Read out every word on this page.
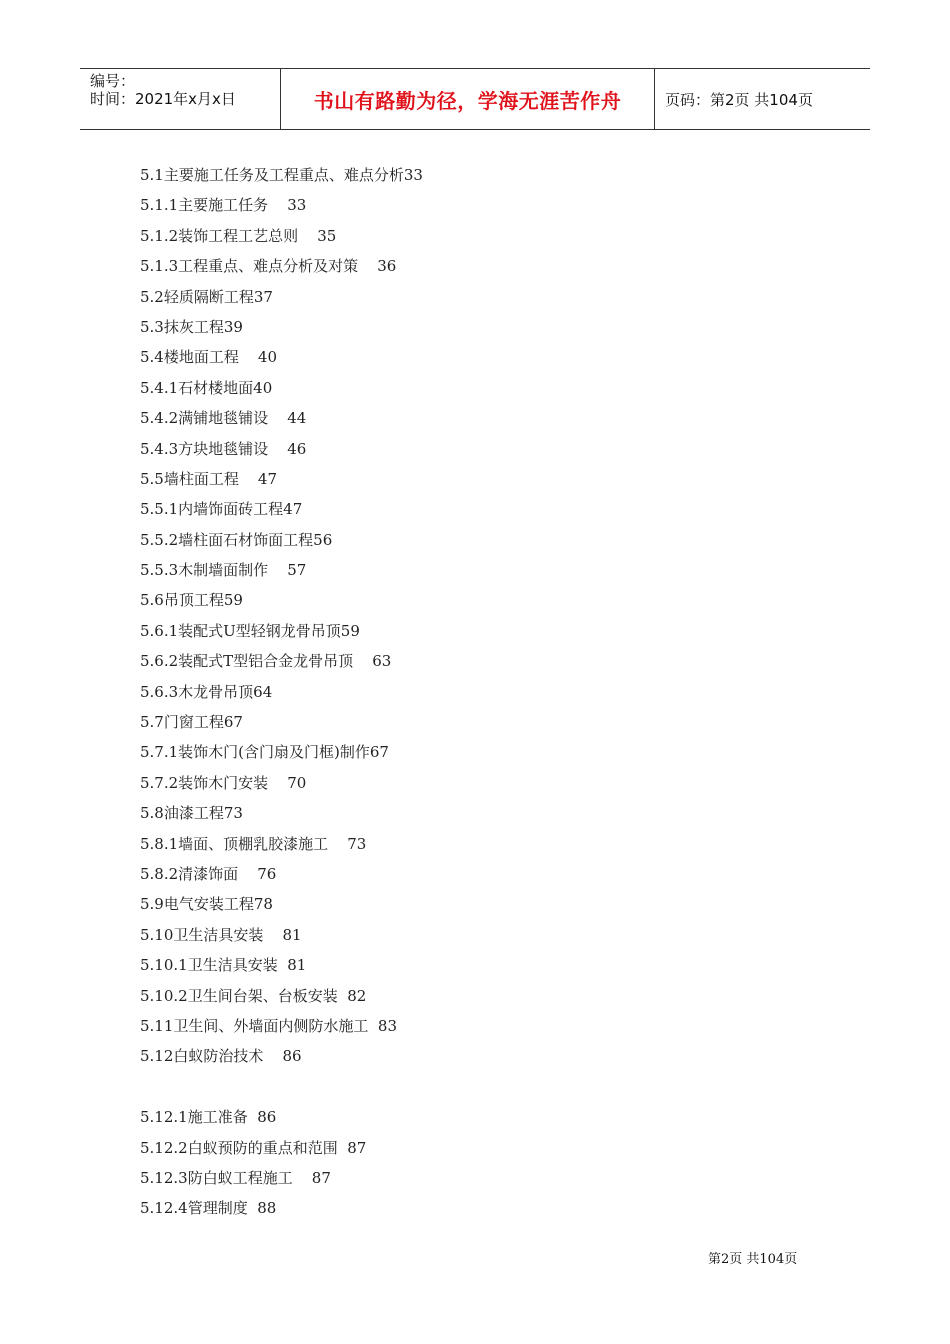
编号：
时间：2021年x月x日	书山有路勤为径，学海无涯苦作舟	页码：第2页 共104页
5.1主要施工任务及工程重点、难点分析33
5.1.1主要施工任务    33
5.1.2装饰工程工艺总则    35
5.1.3工程重点、难点分析及对策    36
5.2轻质隔断工程37
5.3抹灰工程39
5.4楼地面工程    40
5.4.1石材楼地面40
5.4.2满铺地毯铺设    44
5.4.3方块地毯铺设    46
5.5墙柱面工程    47
5.5.1内墙饰面砖工程47
5.5.2墙柱面石材饰面工程56
5.5.3木制墙面制作    57
5.6吊顶工程59
5.6.1装配式U型轻钢龙骨吊顶59
5.6.2装配式T型铝合金龙骨吊顶    63
5.6.3木龙骨吊顶64
5.7门窗工程67
5.7.1装饰木门(含门扇及门框)制作67
5.7.2装饰木门安装    70
5.8油漆工程73
5.8.1墙面、顶棚乳胶漆施工    73
5.8.2清漆饰面    76
5.9电气安装工程78
5.10卫生洁具安装    81
5.10.1卫生洁具安装  81
5.10.2卫生间台架、台板安装  82
5.11卫生间、外墙面内侧防水施工  83
5.12白蚁防治技术    86
5.12.1施工准备  86
5.12.2白蚁预防的重点和范围  87
5.12.3防白蚁工程施工    87
5.12.4管理制度  88
第2页 共104页
